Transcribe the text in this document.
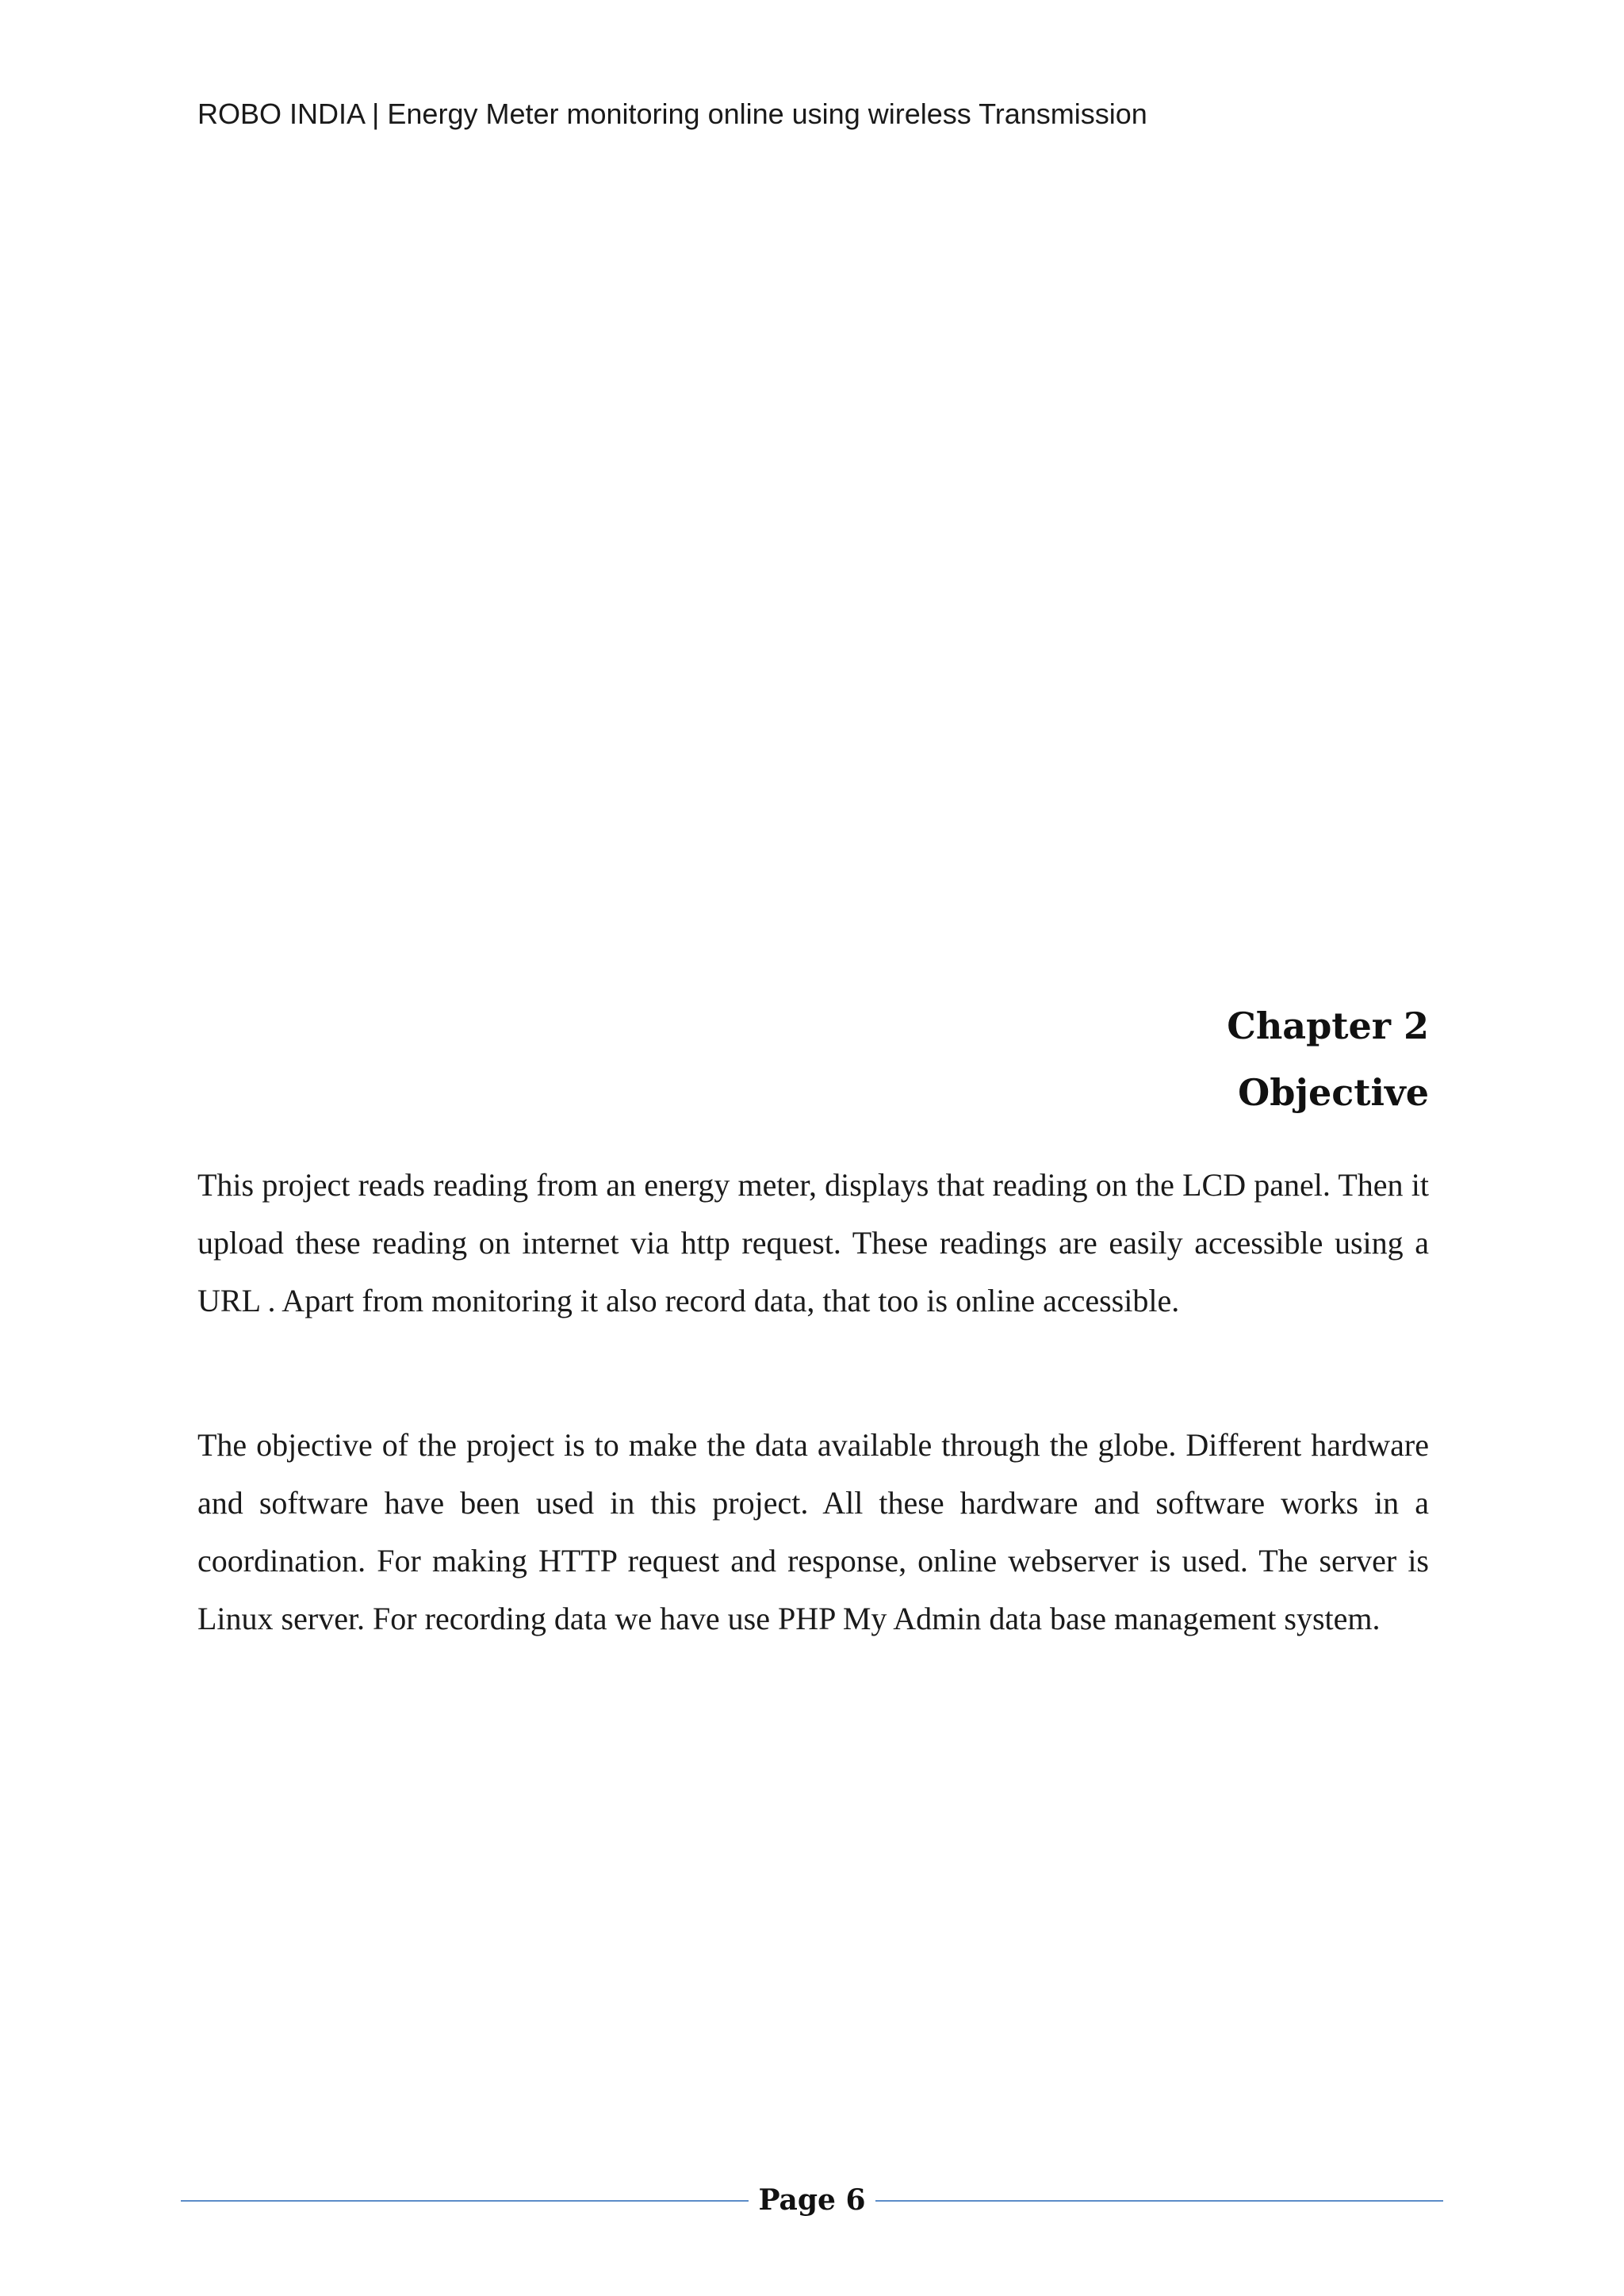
ROBO INDIA | Energy Meter monitoring online using wireless Transmission
Chapter 2
Objective

This project reads reading from an energy meter, displays that reading on the LCD panel. Then it upload these reading on internet via http request. These readings are easily accessible using a URL . Apart from monitoring it also record data, that too is online accessible.

The objective of the project is to make the data available through the globe. Different hardware and software have been used in this project. All these hardware and software works in a coordination. For making HTTP request and response, online webserver is used. The server is Linux server. For recording data we have use PHP My Admin data base management system.

Page 6
